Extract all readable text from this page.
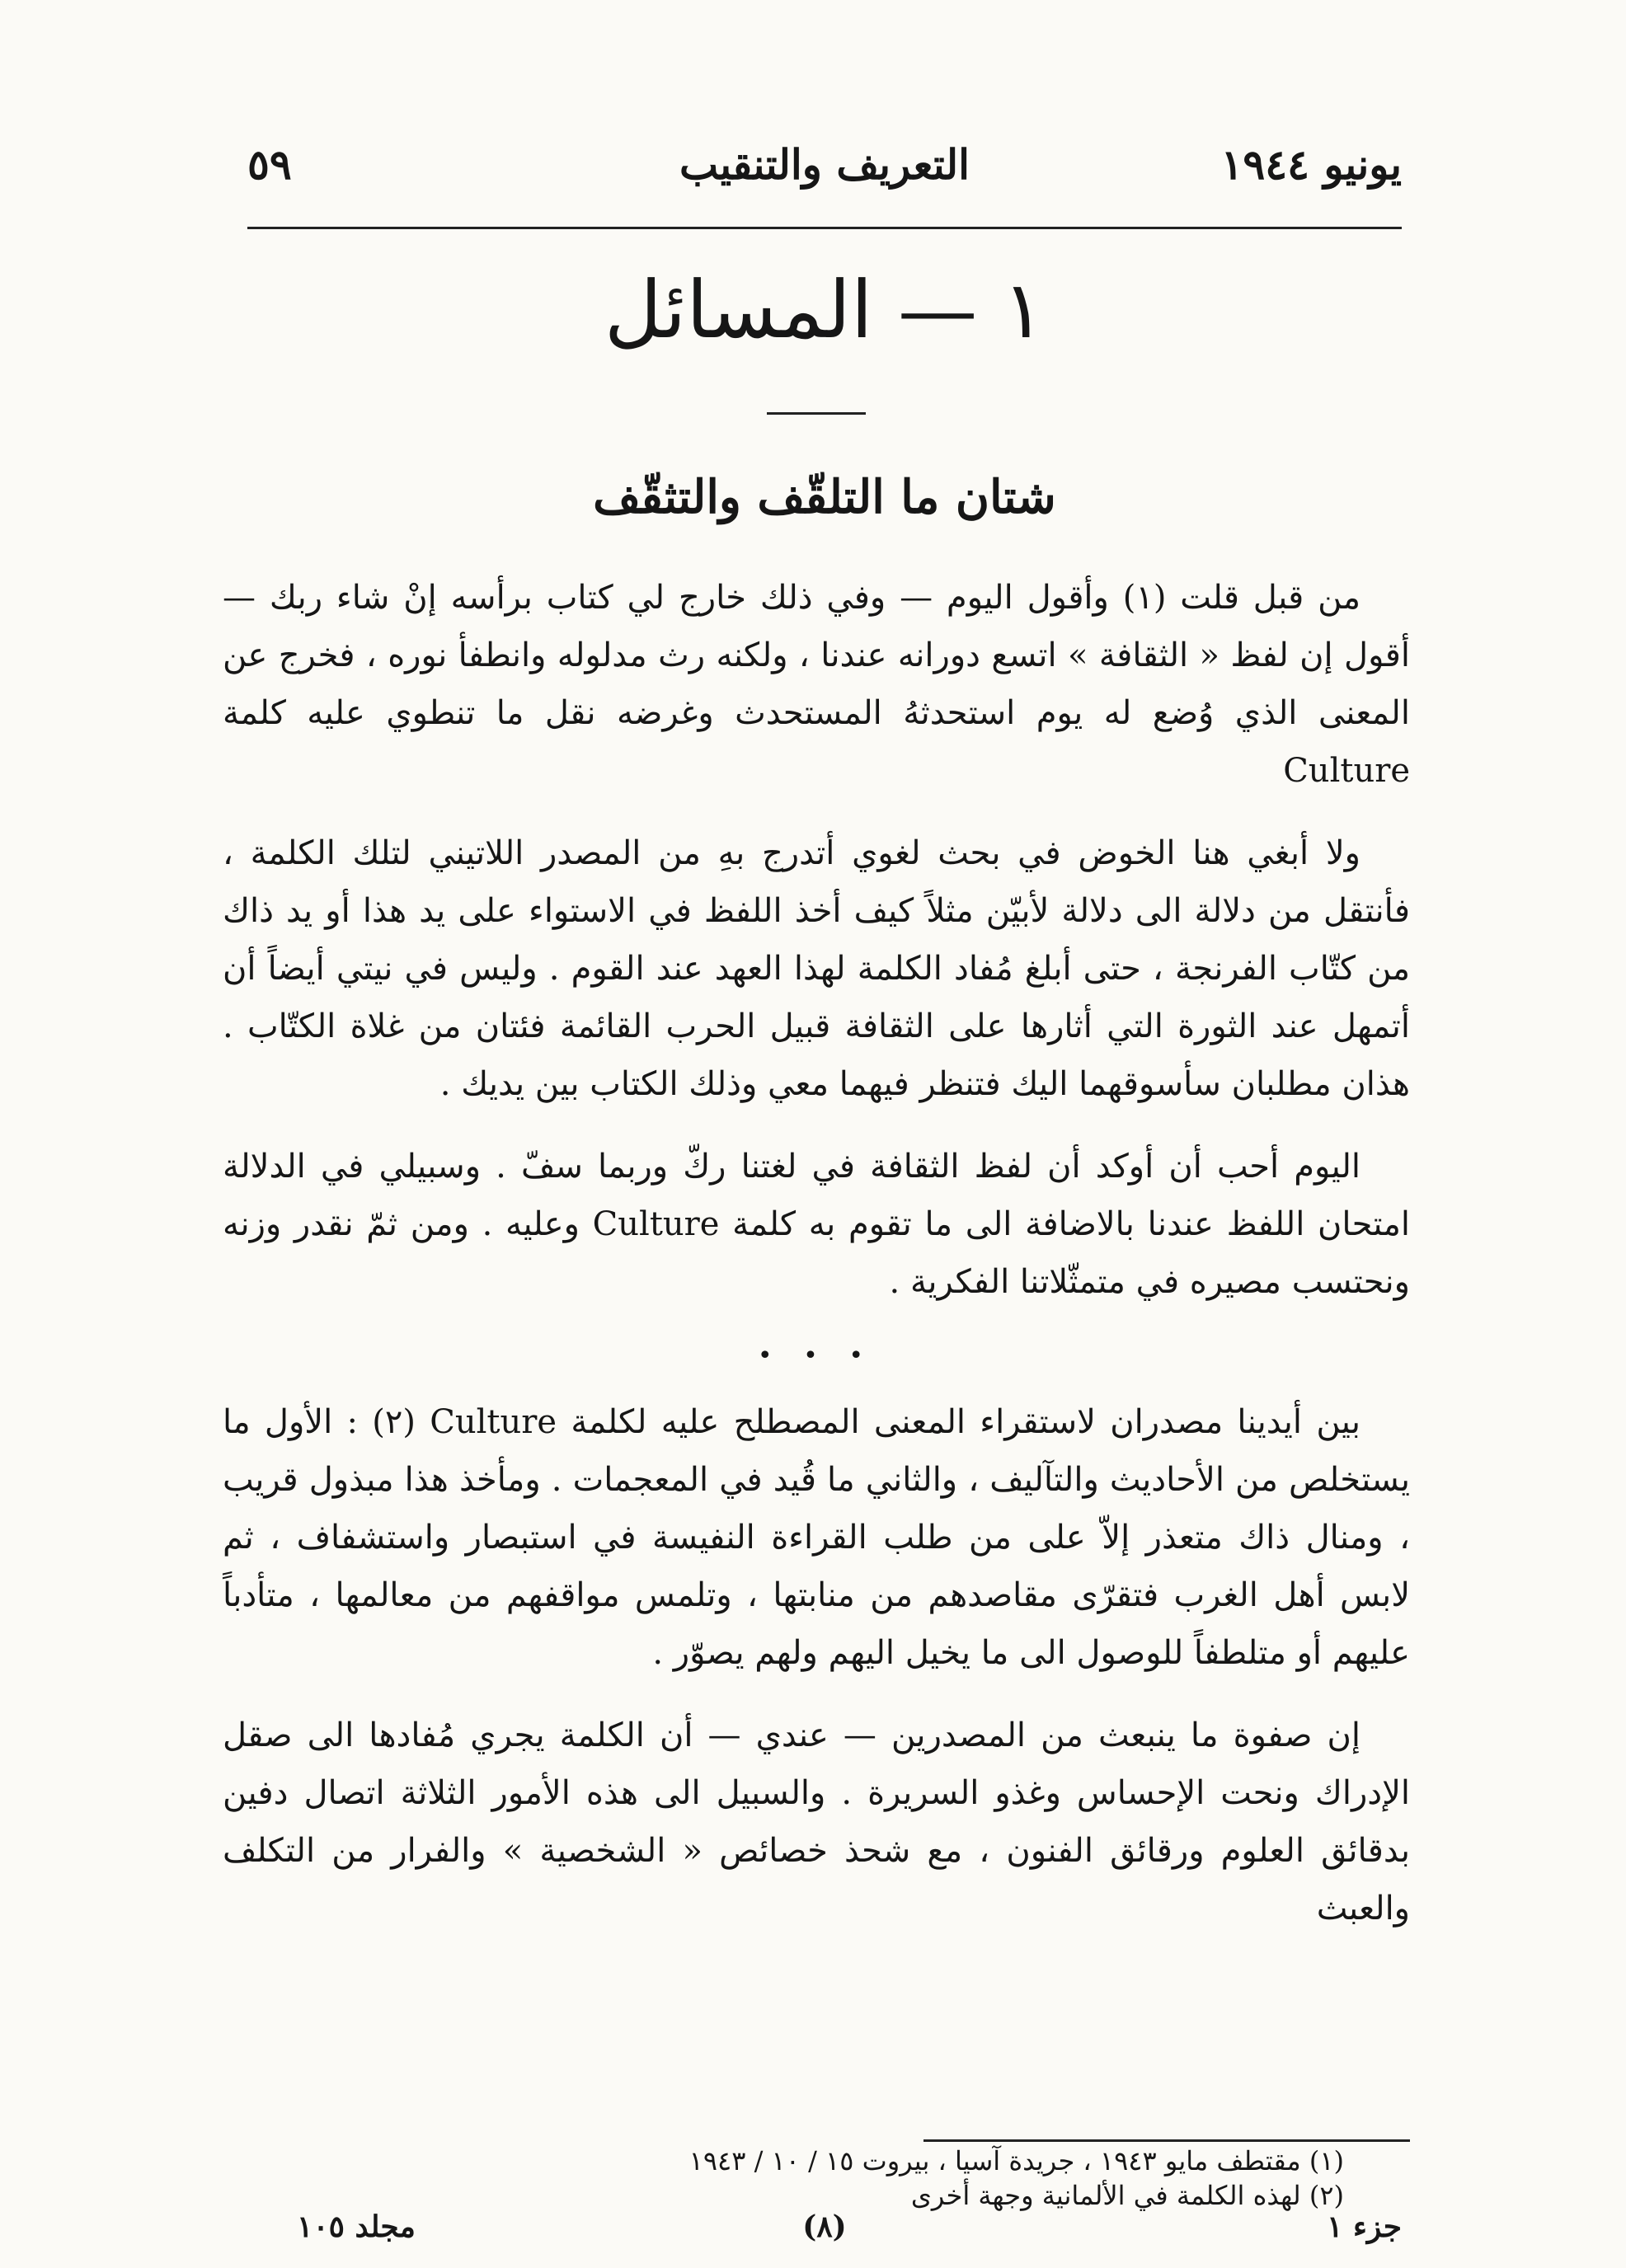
يونيو ١٩٤٤
التعريف والتنقيب
٥٩
١ — المسائل
شتان ما التلقّف والتثقّف

من قبل قلت (١) وأقول اليوم — وفي ذلك خارج لي كتاب برأسه إنْ شاء ربك — أقول إن لفظ « الثقافة » اتسع دورانه عندنا ، ولكنه رث مدلوله وانطفأ نوره ، فخرج عن المعنى الذي وُضع له يوم استحدثهُ المستحدث وغرضه نقل ما تنطوي عليه كلمة Culture

ولا أبغي هنا الخوض في بحث لغوي أتدرج بهِ من المصدر اللاتيني لتلك الكلمة ، فأنتقل من دلالة الى دلالة لأبيّن مثلاً كيف أخذ اللفظ في الاستواء على يد هذا أو يد ذاك من كتّاب الفرنجة ، حتى أبلغ مُفاد الكلمة لهذا العهد عند القوم . وليس في نيتي أيضاً أن أتمهل عند الثورة التي أثارها على الثقافة قبيل الحرب القائمة فئتان من غلاة الكتّاب . هذان مطلبان سأسوقهما اليك فتنظر فيهما معي وذلك الكتاب بين يديك .

اليوم أحب أن أوكد أن لفظ الثقافة في لغتنا ركّ وربما سفّ . وسبيلي في الدلالة امتحان اللفظ عندنا بالاضافة الى ما تقوم به كلمة Culture وعليه . ومن ثمّ نقدر وزنه ونحتسب مصيره في متمثّلاتنا الفكرية .

• • •

بين أيدينا مصدران لاستقراء المعنى المصطلح عليه لكلمة Culture (٢) : الأول ما يستخلص من الأحاديث والتآليف ، والثاني ما قُيد في المعجمات . ومأخذ هذا مبذول قريب ، ومنال ذاك متعذر إلاّ على من طلب القراءة النفيسة في استبصار واستشفاف ، ثم لابس أهل الغرب فتقرّى مقاصدهم من منابتها ، وتلمس مواقفهم من معالمها ، متأدباً عليهم أو متلطفاً للوصول الى ما يخيل اليهم ولهم يصوّر .

إن صفوة ما ينبعث من المصدرين — عندي — أن الكلمة يجري مُفادها الى صقل الإدراك ونحت الإحساس وغذو السريرة . والسبيل الى هذه الأمور الثلاثة اتصال دفين بدقائق العلوم ورقائق الفنون ، مع شحذ خصائص « الشخصية » والفرار من التكلف والعبث

(١) مقتطف مايو ١٩٤٣ ، جريدة آسيا ، بيروت ١٥ / ١٠ / ١٩٤٣
(٢) لهذه الكلمة في الألمانية وجهة أخرى
جزء ١
(٨)
مجلد ١٠٥
